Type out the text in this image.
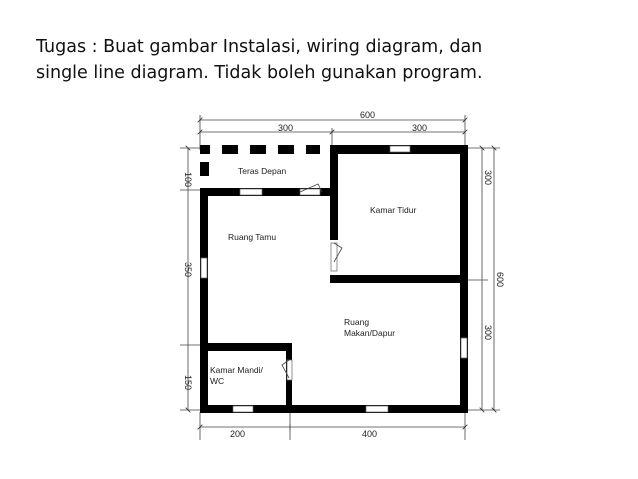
Tugas : Buat gambar Instalasi, wiring diagram, dan
single line diagram. Tidak boleh gunakan program.
600
300	300
200	400
100
350
150
300
600
300
Teras Depan
Kamar Tidur
Ruang Tamu
Ruang
Makan/Dapur
Kamar Mandi/
WC
